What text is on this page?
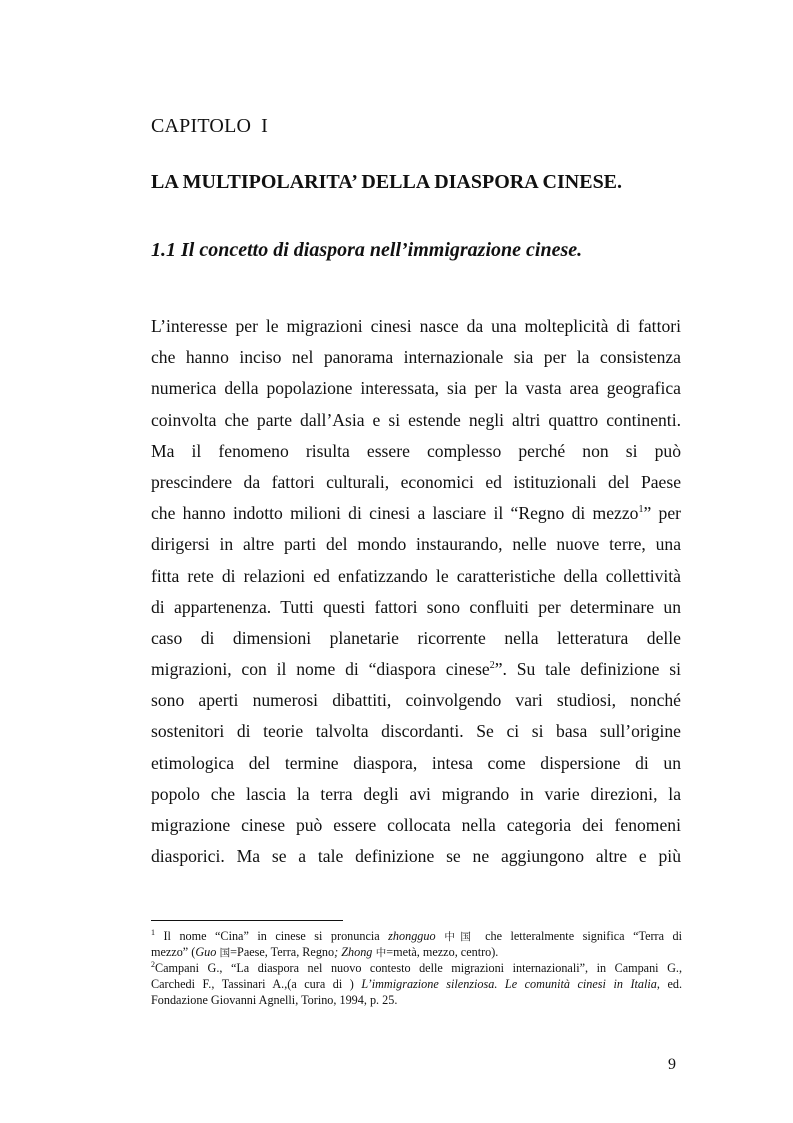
CAPITOLO I
LA MULTIPOLARITA’ DELLA DIASPORA CINESE.
1.1 Il concetto di diaspora nell’immigrazione cinese.
L’interesse per le migrazioni cinesi nasce da una molteplicità di fattori
che hanno inciso nel panorama internazionale sia per la consistenza
numerica della popolazione interessata, sia per la vasta area geografica
coinvolta che parte dall’Asia e si estende negli altri quattro continenti.
Ma il fenomeno risulta essere complesso perché non si può
prescindere da fattori culturali, economici ed istituzionali del Paese
che hanno indotto milioni di cinesi a lasciare il “Regno di mezzo$^1$” per
dirigersi in altre parti del mondo instaurando, nelle nuove terre, una
fitta rete di relazioni ed enfatizzando le caratteristiche della collettività
di appartenenza. Tutti questi fattori sono confluiti per determinare un
caso di dimensioni planetarie ricorrente nella letteratura delle
migrazioni, con il nome di “diaspora cinese$^2$”. Su tale definizione si
sono aperti numerosi dibattiti, coinvolgendo vari studiosi, nonché
sostenitori di teorie talvolta discordanti. Se ci si basa sull’origine
etimologica del termine diaspora, intesa come dispersione di un
popolo che lascia la terra degli avi migrando in varie direzioni, la
migrazione cinese può essere collocata nella categoria dei fenomeni
diasporici. Ma se a tale definizione se ne aggiungono altre e più
$^1$ Il nome “Cina” in cinese si pronuncia zhongguo 中国 che letteralmente significa “Terra di
mezzo” (Guo 国=Paese, Terra, Regno; Zhong 中=metà, mezzo, centro).
$^2$Campani G., “La diaspora nel nuovo contesto delle migrazioni internazionali”, in Campani G.,
Carchedi F., Tassinari A.,(a cura di ) L’immigrazione silenziosa. Le comunità cinesi in Italia, ed.
Fondazione Giovanni Agnelli, Torino, 1994, p. 25.
9
